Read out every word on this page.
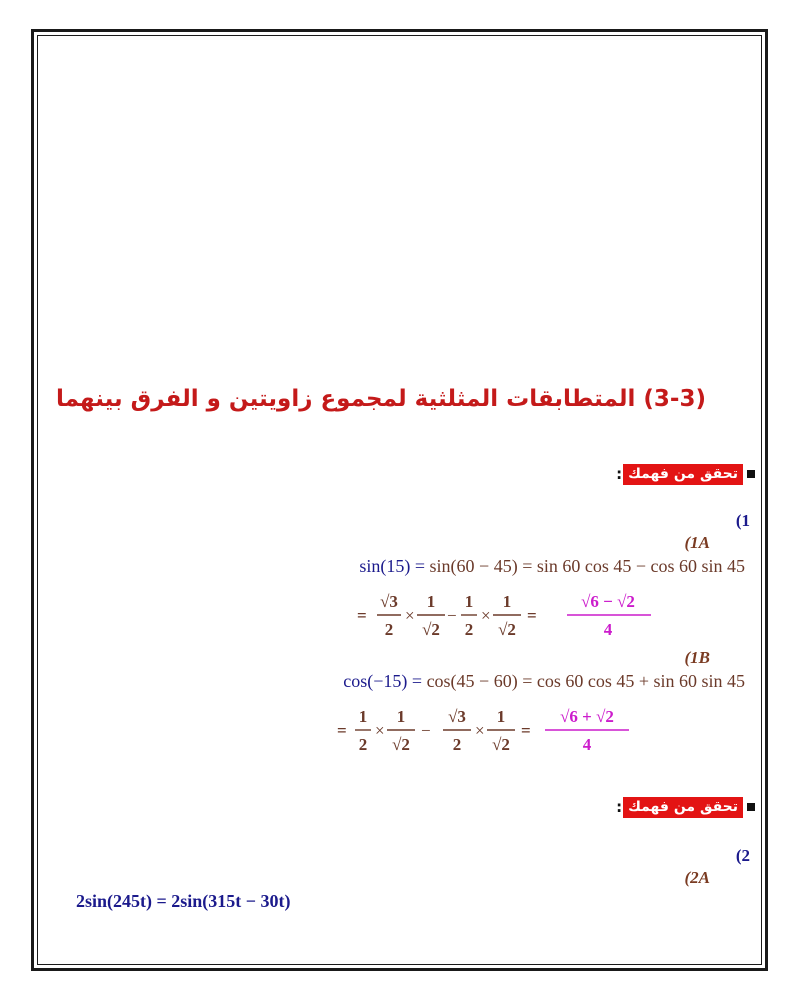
(3-3) المتطابقات المثلثية لمجموع زاويتين و الفرق بينهما
تحقق من فهمك
:
(1
(1A
sin(15) = sin(60 − 45) = sin 60 cos 45 − cos 60 sin 45
=
√3
2
×
1
√2
−
1
2
×
1
√2
=
√6 − √2
4
(1B
cos(−15) = cos(45 − 60) = cos 60 cos 45 + sin 60 sin 45
=
1
2
×
1
√2
−
√3
2
×
1
√2
=
√6 + √2
4
تحقق من فهمك
:
(2
(2A
2sin(245t) = 2sin(315t − 30t)
